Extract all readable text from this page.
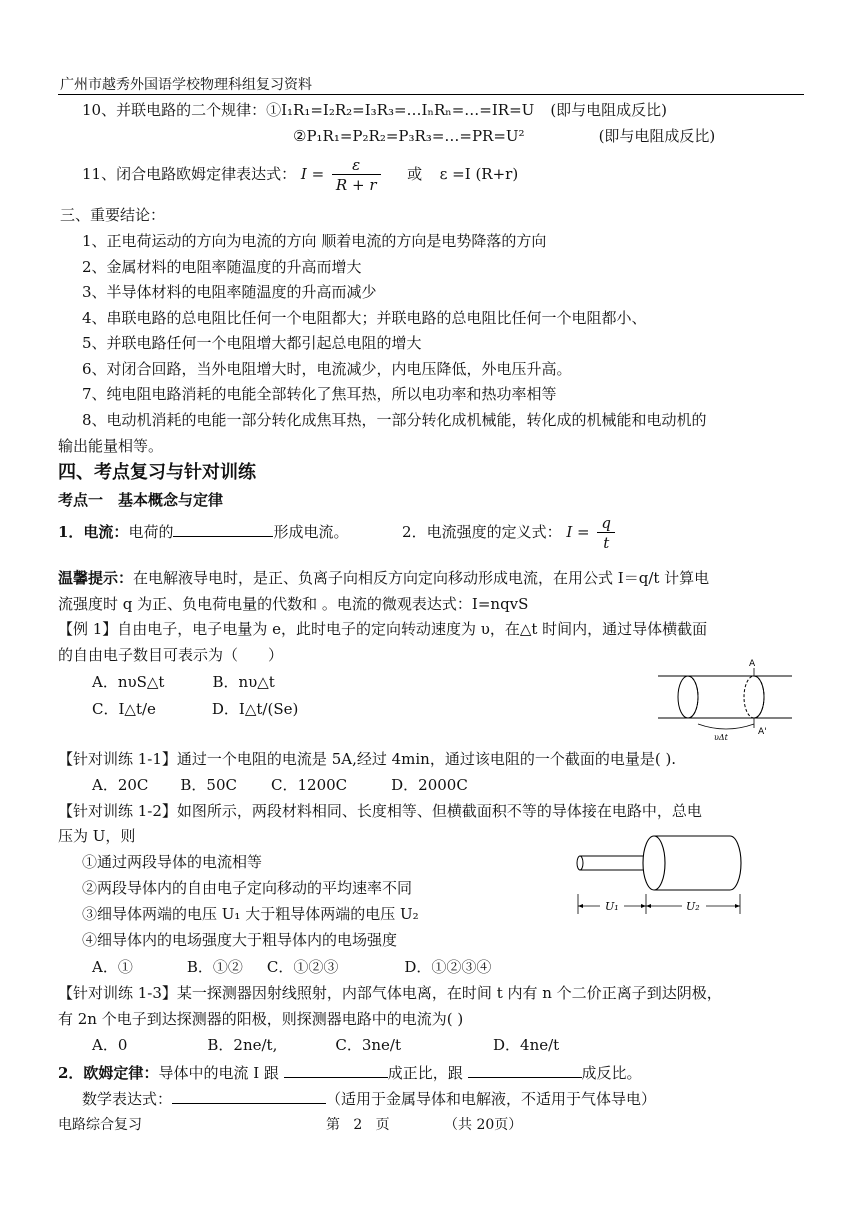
广州市越秀外国语学校物理科组复习资料
10、并联电路的二个规律：①I₁R₁=I₂R₂=I₃R₃=…IₙRₙ=…=IR=U (即与电阻成反比)
②P₁R₁=P₂R₂=P₃R₃=…=PR=U²	(即与电阻成反比)
11、闭合电路欧姆定律表达式： $I = \frac{\varepsilon}{R + r}$ 或 ε =I (R+r)
三、重要结论：
1、正电荷运动的方向为电流的方向 顺着电流的方向是电势降落的方向
2、金属材料的电阻率随温度的升高而增大
3、半导体材料的电阻率随温度的升高而减少
4、串联电路的总电阻比任何一个电阻都大；并联电路的总电阻比任何一个电阻都小、
5、并联电路任何一个电阻增大都引起总电阻的增大
6、对闭合回路，当外电阻增大时，电流减少，内电压降低，外电压升高。
7、纯电阻电路消耗的电能全部转化了焦耳热，所以电功率和热功率相等
8、电动机消耗的电能一部分转化成焦耳热，一部分转化成机械能，转化成的机械能和电动机的
输出能量相等。
四、考点复习与针对训练
考点一　基本概念与定律
1．电流：电荷的	形成电流。	2．电流强度的定义式： $I = \frac{q}{t}$
温馨提示：在电解液导电时，是正、负离子向相反方向定向移动形成电流，在用公式 I＝q/t 计算电
流强度时 q 为正、负电荷电量的代数和 。电流的微观表达式：I=nqvS
【例 1】自由电子，电子电量为 e，此时电子的定向转动速度为 υ，在△t 时间内，通过导体横截面
的自由电子数目可表示为（　　）
A．nυS△t	B．nυ△t
C．I△t/e	D．I△t/(Se)
A
A'
υΔt
【针对训练 1-1】通过一个电阻的电流是 5A,经过 4min，通过该电阻的一个截面的电量是( ).
A．20C B．50C C．1200C	D．2000C
【针对训练 1-2】如图所示，两段材料相同、长度相等、但横截面积不等的导体接在电路中，总电
压为 U，则
①通过两段导体的电流相等
②两段导体内的自由电子定向移动的平均速率不同
③细导体两端的电压 U₁ 大于粗导体两端的电压 U₂
④细导体内的电场强度大于粗导体内的电场强度
A．①	B．①② C．①②③	D．①②③④
U₁	U₂
【针对训练 1-3】某一探测器因射线照射，内部气体电离，在时间 t 内有 n 个二价正离子到达阴极，
有 2n 个电子到达探测器的阳极，则探测器电路中的电流为( )
A．0	B．2ne/t,	C．3ne/t	D．4ne/t
2．欧姆定律：导体中的电流 I 跟	成正比，跟	成反比。
数学表达式：	（适用于金属导体和电解液，不适用于气体导电）
电路综合复习	第   2   页	（共 20页）
